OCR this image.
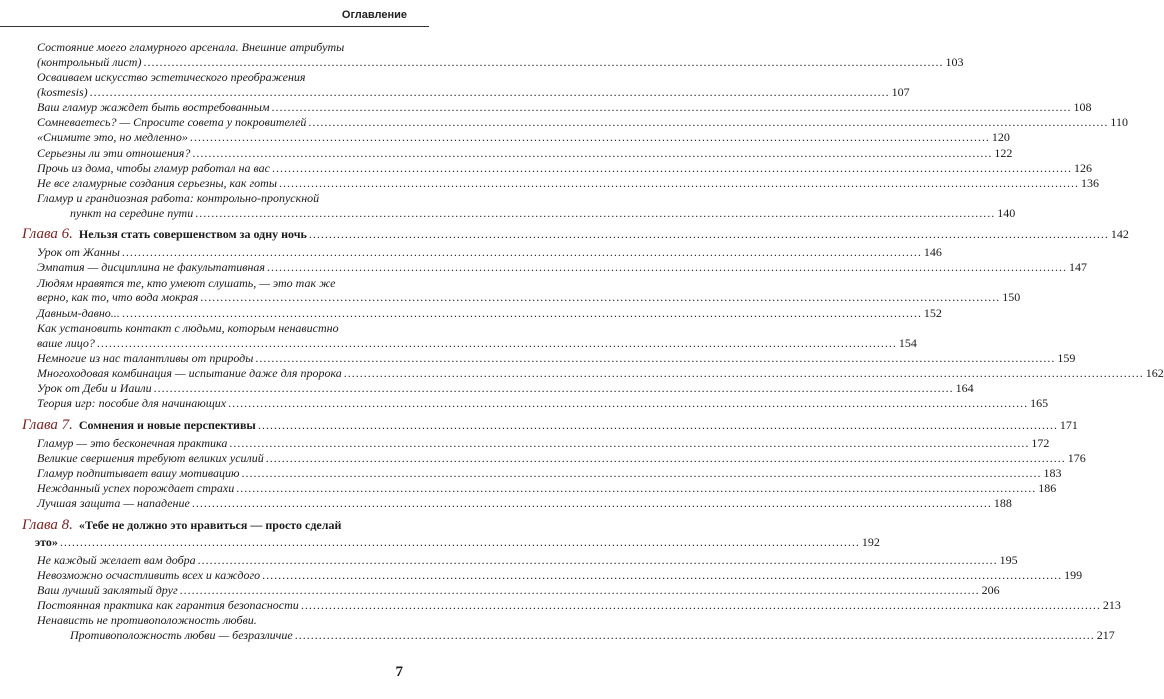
Оглавление
Состояние моего гламурного арсенала. Внешние атрибуты
(контрольный лист) ........................................................................................................................................................................................................ 103
Осваиваем искусство эстетического преображения
(kosmesis) ........................................................................................................................................................................................................ 107
Ваш гламур жаждет быть востребованным ........................................................................................................................................................................................................ 108
Сомневаетесь? — Спросите совета у покровителей ........................................................................................................................................................................................................ 110
«Снимите это, но медленно» ........................................................................................................................................................................................................ 120
Серьезны ли эти отношения? ........................................................................................................................................................................................................ 122
Прочь из дома, чтобы гламур работал на вас ........................................................................................................................................................................................................ 126
Не все гламурные создания серьезны, как готы ........................................................................................................................................................................................................ 136
Гламур и грандиозная работа: контрольно-пропускной
пункт на середине пути ........................................................................................................................................................................................................ 140
Глава 6. Нельзя стать совершенством за одну ночь ........................................................................................................................................................................................................ 142
Урок от Жанны ........................................................................................................................................................................................................ 146
Эмпатия — дисциплина не факультативная ........................................................................................................................................................................................................ 147
Людям нравятся те, кто умеют слушать, — это так же
верно, как то, что вода мокрая ........................................................................................................................................................................................................ 150
Давным-давно... ........................................................................................................................................................................................................ 152
Как установить контакт с людьми, которым ненавистно
ваше лицо? ........................................................................................................................................................................................................ 154
Немногие из нас талантливы от природы ........................................................................................................................................................................................................ 159
Многоходовая комбинация — испытание даже для пророка ........................................................................................................................................................................................................ 162
Урок от Деби и Иаили ........................................................................................................................................................................................................ 164
Теория игр: пособие для начинающих ........................................................................................................................................................................................................ 165
Глава 7. Сомнения и новые перспективы ........................................................................................................................................................................................................ 171
Гламур — это бесконечная практика ........................................................................................................................................................................................................ 172
Великие свершения требуют великих усилий ........................................................................................................................................................................................................ 176
Гламур подпитывает вашу мотивацию ........................................................................................................................................................................................................ 183
Нежданный успех порождает страхи ........................................................................................................................................................................................................ 186
Лучшая защита — нападение ........................................................................................................................................................................................................ 188
Глава 8. «Тебе не должно это нравиться — просто сделай
это» ........................................................................................................................................................................................................ 192
Не каждый желает вам добра ........................................................................................................................................................................................................ 195
Невозможно осчастливить всех и каждого ........................................................................................................................................................................................................ 199
Ваш лучший заклятый друг ........................................................................................................................................................................................................ 206
Постоянная практика как гарантия безопасности ........................................................................................................................................................................................................ 213
Ненависть не противоположность любви.
Противоположность любви — безразличие ........................................................................................................................................................................................................ 217
7
